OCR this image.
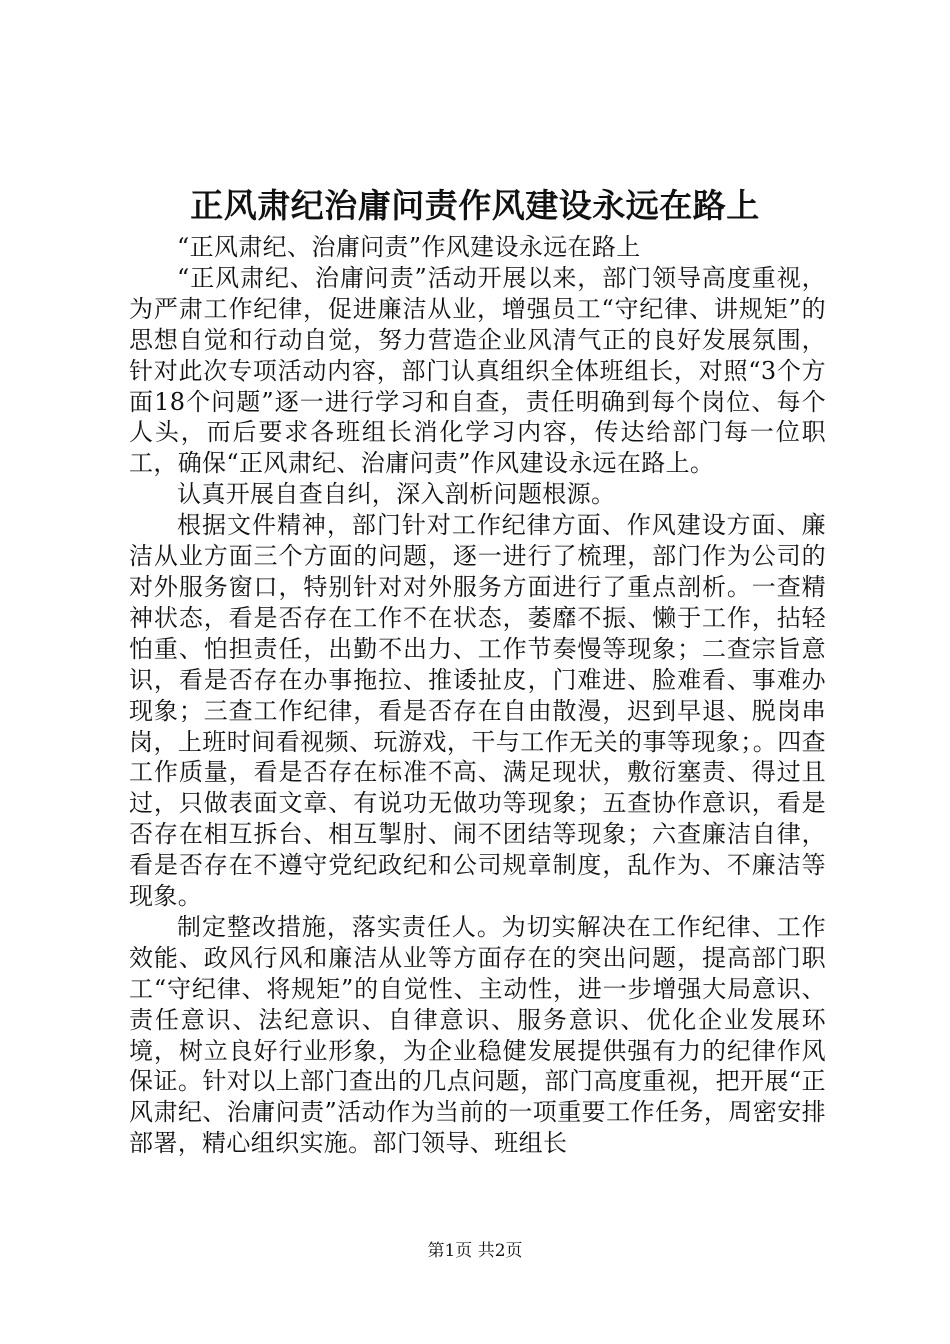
正风肃纪治庸问责作风建设永远在路上

“正风肃纪、治庸问责”作风建设永远在路上

“正风肃纪、治庸问责”活动开展以来，部门领导高度重视，为严肃工作纪律，促进廉洁从业，增强员工“守纪律、讲规矩”的思想自觉和行动自觉，努力营造企业风清气正的良好发展氛围，针对此次专项活动内容，部门认真组织全体班组长，对照“3个方面18个问题”逐一进行学习和自查，责任明确到每个岗位、每个人头，而后要求各班组长消化学习内容，传达给部门每一位职工，确保“正风肃纪、治庸问责”作风建设永远在路上。

认真开展自查自纠，深入剖析问题根源。

根据文件精神，部门针对工作纪律方面、作风建设方面、廉洁从业方面三个方面的问题，逐一进行了梳理，部门作为公司的对外服务窗口，特别针对对外服务方面进行了重点剖析。一查精神状态，看是否存在工作不在状态，萎靡不振、懒于工作，拈轻怕重、怕担责任，出勤不出力、工作节奏慢等现象；二查宗旨意识，看是否存在办事拖拉、推诿扯皮，门难进、脸难看、事难办现象；三查工作纪律，看是否存在自由散漫，迟到早退、脱岗串岗，上班时间看视频、玩游戏，干与工作无关的事等现象；。四查工作质量，看是否存在标准不高、满足现状，敷衍塞责、得过且过，只做表面文章、有说功无做功等现象；五查协作意识，看是否存在相互拆台、相互掣肘、闹不团结等现象；六查廉洁自律，看是否存在不遵守党纪政纪和公司规章制度，乱作为、不廉洁等现象。

制定整改措施，落实责任人。为切实解决在工作纪律、工作效能、政风行风和廉洁从业等方面存在的突出问题，提高部门职工“守纪律、将规矩”的自觉性、主动性，进一步增强大局意识、责任意识、法纪意识、自律意识、服务意识、优化企业发展环境，树立良好行业形象，为企业稳健发展提供强有力的纪律作风保证。针对以上部门查出的几点问题，部门高度重视，把开展“正风肃纪、治庸问责”活动作为当前的一项重要工作任务，周密安排部署，精心组织实施。部门领导、班组长

第1页 共2页
